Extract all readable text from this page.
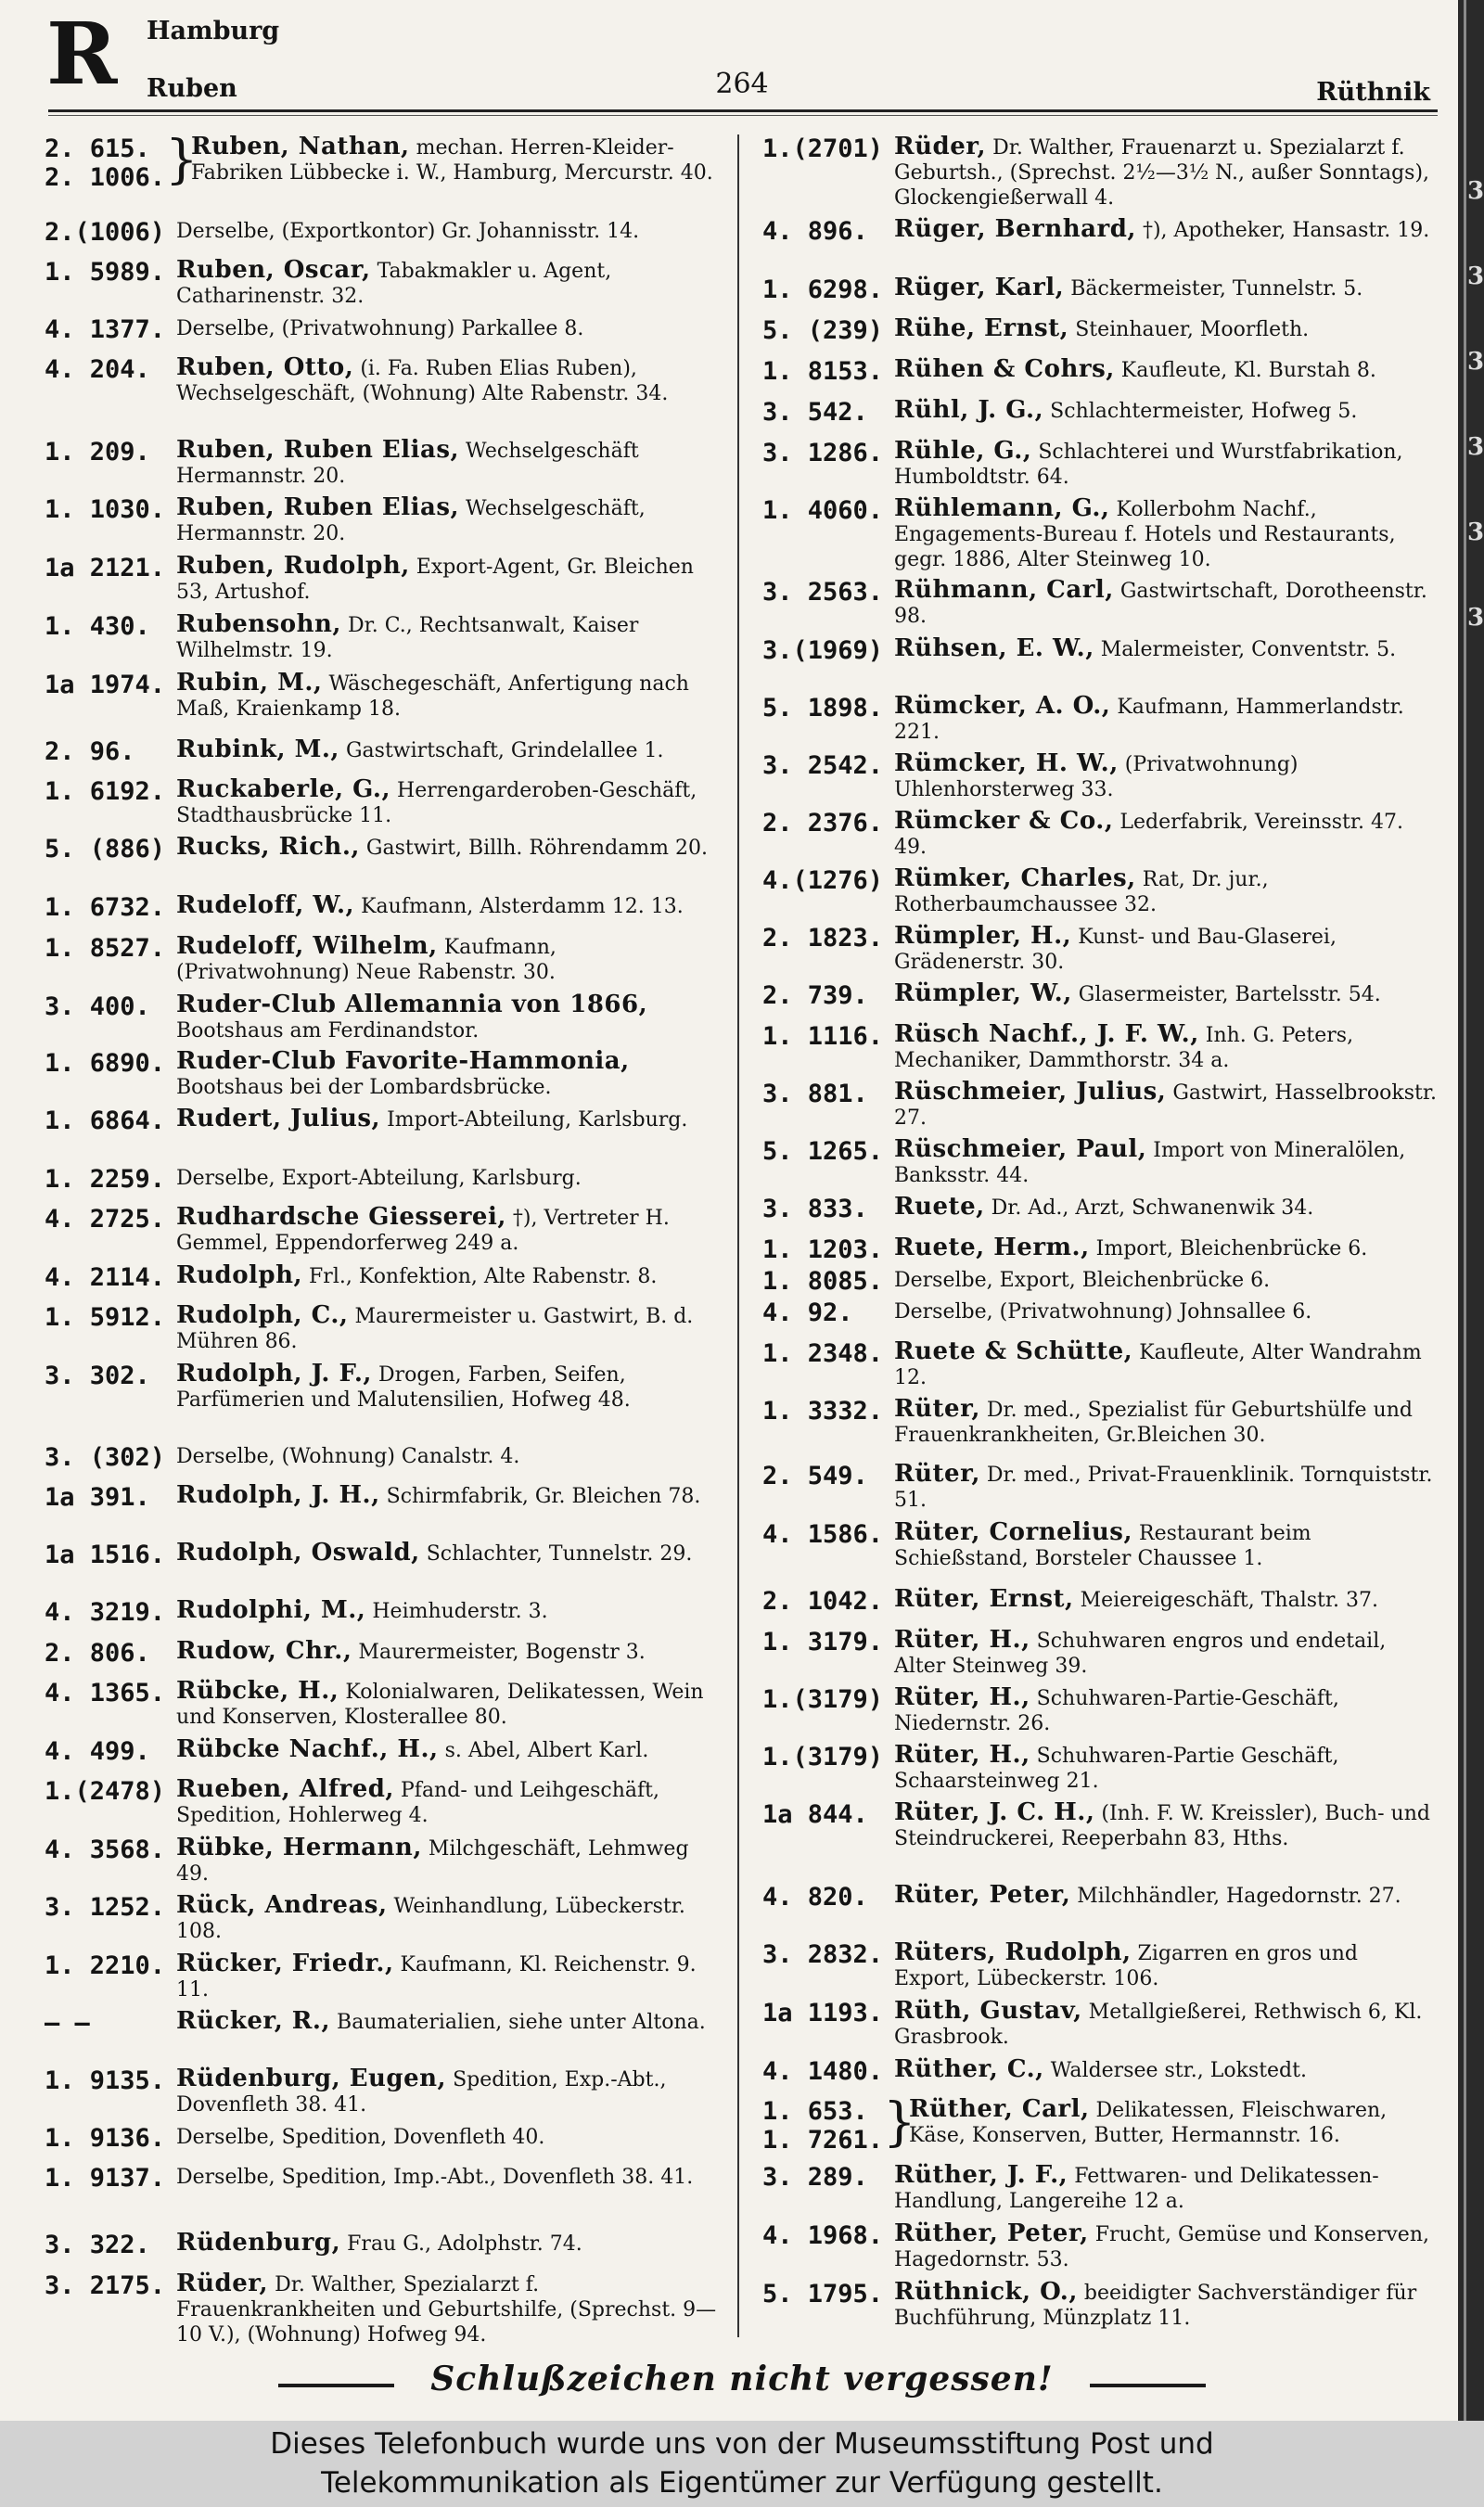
3
3
3
3
3
3
R Hamburg
Ruben	264	Rüthnik
2. 615.
2. 1006. }
Ruben, Nathan, mechan. Herren-Kleider-Fabriken Lübbecke i. W., Hamburg, Mercurstr. 40.
2.(1006) Derselbe, (Exportkontor) Gr. Johannisstr. 14.
1. 5989. Ruben, Oscar, Tabakmakler u. Agent, Catharinenstr. 32.
4. 1377. Derselbe, (Privatwohnung) Parkallee 8.
4. 204.	Ruben, Otto, (i. Fa. Ruben Elias Ruben), Wechselgeschäft, (Wohnung) Alte Rabenstr. 34.
1. 209.	Ruben, Ruben Elias, Wechselgeschäft Hermannstr. 20.
1. 1030. Ruben, Ruben Elias, Wechselgeschäft, Hermannstr. 20.
1a 2121. Ruben, Rudolph, Export-Agent, Gr. Bleichen 53, Artushof.
1. 430.	Rubensohn, Dr. C., Rechtsanwalt, Kaiser Wilhelmstr. 19.
1a 1974. Rubin, M., Wäschegeschäft, Anfertigung nach Maß, Kraienkamp 18.
2. 96.	Rubink, M., Gastwirtschaft, Grindelallee 1.
1. 6192. Ruckaberle, G., Herrengarderoben-Geschäft, Stadthausbrücke 11.
5. (886) Rucks, Rich., Gastwirt, Billh. Röhrendamm 20.
1. 6732. Rudeloff, W., Kaufmann, Alsterdamm 12. 13.
1. 8527. Rudeloff, Wilhelm, Kaufmann, (Privatwohnung) Neue Rabenstr. 30.
3. 400.	Ruder-Club Allemannia von 1866, Bootshaus am Ferdinandstor.
1. 6890. Ruder-Club Favorite-Hammonia, Bootshaus bei der Lombardsbrücke.
1. 6864. Rudert, Julius, Import-Abteilung, Karlsburg.
1. 2259. Derselbe, Export-Abteilung, Karlsburg.
4. 2725. Rudhardsche Giesserei, †), Vertreter H. Gemmel, Eppendorferweg 249 a.
4. 2114. Rudolph, Frl., Konfektion, Alte Rabenstr. 8.
1. 5912. Rudolph, C., Maurermeister u. Gastwirt, B. d. Mühren 86.
3. 302.	Rudolph, J. F., Drogen, Farben, Seifen, Parfümerien und Malutensilien, Hofweg 48.
3. (302) Derselbe, (Wohnung) Canalstr. 4.
1a 391.	Rudolph, J. H., Schirmfabrik, Gr. Bleichen 78.
1a 1516. Rudolph, Oswald, Schlachter, Tunnelstr. 29.
4. 3219. Rudolphi, M., Heimhuderstr. 3.
2. 806.	Rudow, Chr., Maurermeister, Bogenstr 3.
4. 1365. Rübcke, H., Kolonialwaren, Delikatessen, Wein und Konserven, Klosterallee 80.
4. 499.	Rübcke Nachf., H., s. Abel, Albert Karl.
1.(2478) Rueben, Alfred, Pfand- und Leihgeschäft, Spedition, Hohlerweg 4.
4. 3568. Rübke, Hermann, Milchgeschäft, Lehmweg 49.
3. 1252. Rück, Andreas, Weinhandlung, Lübeckerstr. 108.
1. 2210. Rücker, Friedr., Kaufmann, Kl. Reichenstr. 9. 11.
— —	Rücker, R., Baumaterialien, siehe unter Altona.
1. 9135. Rüdenburg, Eugen, Spedition, Exp.-Abt., Dovenfleth 38. 41.
1. 9136. Derselbe, Spedition, Dovenfleth 40.
1. 9137. Derselbe, Spedition, Imp.-Abt., Dovenfleth 38. 41.
3. 322.	Rüdenburg, Frau G., Adolphstr. 74.
3. 2175. Rüder, Dr. Walther, Spezialarzt f. Frauenkrankheiten und Geburtshilfe, (Sprechst. 9—10 V.), (Wohnung) Hofweg 94.
1.(2701) Rüder, Dr. Walther, Frauenarzt u. Spezialarzt f. Geburtsh., (Sprechst. 2½—3½ N., außer Sonntags), Glockengießerwall 4.
4. 896.	Rüger, Bernhard, †), Apotheker, Hansastr. 19.
1. 6298. Rüger, Karl, Bäckermeister, Tunnelstr. 5.
5. (239) Rühe, Ernst, Steinhauer, Moorfleth.
1. 8153. Rühen & Cohrs, Kaufleute, Kl. Burstah 8.
3. 542.	Rühl, J. G., Schlachtermeister, Hofweg 5.
3. 1286. Rühle, G., Schlachterei und Wurstfabrikation, Humboldtstr. 64.
1. 4060. Rühlemann, G., Kollerbohm Nachf., Engagements-Bureau f. Hotels und Restaurants, gegr. 1886, Alter Steinweg 10.
3. 2563. Rühmann, Carl, Gastwirtschaft, Dorotheenstr. 98.
3.(1969) Rühsen, E. W., Malermeister, Conventstr. 5.
5. 1898. Rümcker, A. O., Kaufmann, Hammerlandstr. 221.
3. 2542. Rümcker, H. W., (Privatwohnung) Uhlenhorsterweg 33.
2. 2376. Rümcker & Co., Lederfabrik, Vereinsstr. 47. 49.
4.(1276) Rümker, Charles, Rat, Dr. jur., Rotherbaumchaussee 32.
2. 1823. Rümpler, H., Kunst- und Bau-Glaserei, Grädenerstr. 30.
2. 739.	Rümpler, W., Glasermeister, Bartelsstr. 54.
1. 1116. Rüsch Nachf., J. F. W., Inh. G. Peters, Mechaniker, Dammthorstr. 34 a.
3. 881.	Rüschmeier, Julius, Gastwirt, Hasselbrookstr. 27.
5. 1265. Rüschmeier, Paul, Import von Mineralölen, Banksstr. 44.
3. 833.	Ruete, Dr. Ad., Arzt, Schwanenwik 34.
1. 1203. Ruete, Herm., Import, Bleichenbrücke 6.
1. 8085. Derselbe, Export, Bleichenbrücke 6.
4. 92.	Derselbe, (Privatwohnung) Johnsallee 6.
1. 2348. Ruete & Schütte, Kaufleute, Alter Wandrahm 12.
1. 3332. Rüter, Dr. med., Spezialist für Geburtshülfe und Frauenkrankheiten, Gr.Bleichen 30.
2. 549.	Rüter, Dr. med., Privat-Frauenklinik. Tornquiststr. 51.
4. 1586. Rüter, Cornelius, Restaurant beim Schießstand, Borsteler Chaussee 1.
2. 1042. Rüter, Ernst, Meiereigeschäft, Thalstr. 37.
1. 3179. Rüter, H., Schuhwaren engros und endetail, Alter Steinweg 39.
1.(3179) Rüter, H., Schuhwaren-Partie-Geschäft, Niedernstr. 26.
1.(3179) Rüter, H., Schuhwaren-Partie Geschäft, Schaarsteinweg 21.
1a 844.	Rüter, J. C. H., (Inh. F. W. Kreissler), Buch- und Steindruckerei, Reeperbahn 83, Hths.
4. 820.	Rüter, Peter, Milchhändler, Hagedornstr. 27.
3. 2832. Rüters, Rudolph, Zigarren en gros und Export, Lübeckerstr. 106.
1a 1193. Rüth, Gustav, Metallgießerei, Rethwisch 6, Kl. Grasbrook.
4. 1480. Rüther, C., Waldersee str., Lokstedt.
1. 653.
1. 7261. }
Rüther, Carl, Delikatessen, Fleischwaren, Käse, Konserven, Butter, Hermannstr. 16.
3. 289.	Rüther, J. F., Fettwaren- und Delikatessen-Handlung, Langereihe 12 a.
4. 1968. Rüther, Peter, Frucht, Gemüse und Konserven, Hagedornstr. 53.
5. 1795. Rüthnick, O., beeidigter Sachverständiger für Buchführung, Münzplatz 11.
Schlußzeichen nicht vergessen!
Dieses Telefonbuch wurde uns von der Museumsstiftung Post und
Telekommunikation als Eigentümer zur Verfügung gestellt.
